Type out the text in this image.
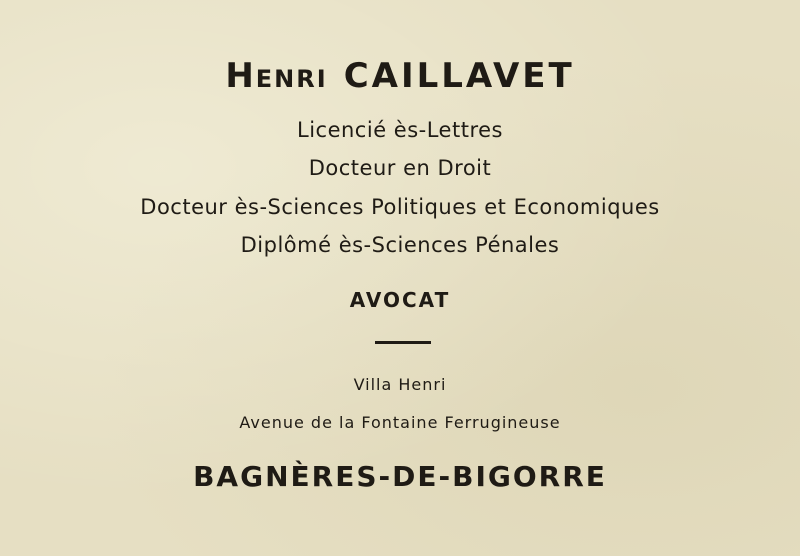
Henri CAILLAVET
Licencié ès-Lettres
Docteur en Droit
Docteur ès-Sciences Politiques et Economiques
Diplômé ès-Sciences Pénales
AVOCAT
Villa Henri
Avenue de la Fontaine Ferrugineuse
BAGNÈRES-DE-BIGORRE
